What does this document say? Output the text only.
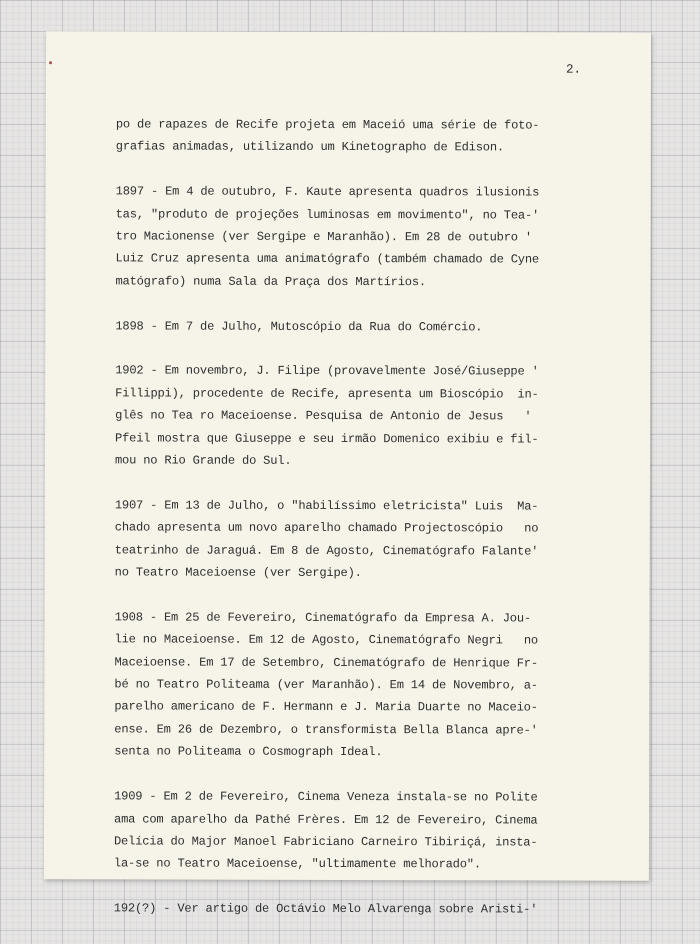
2.

po de rapazes de Recife projeta em Maceió uma série de foto-
grafias animadas, utilizando um Kinetographo de Edison.

1897 - Em 4 de outubro, F. Kaute apresenta quadros ilusionis
tas, "produto de projeções luminosas em movimento", no Tea-'
tro Macionense (ver Sergipe e Maranhão). Em 28 de outubro '
Luiz Cruz apresenta uma animatógrafo (também chamado de Cyne
matógrafo) numa Sala da Praça dos Martírios.

1898 - Em 7 de Julho, Mutoscópio da Rua do Comércio.

1902 - Em novembro, J. Filipe (provavelmente José/Giuseppe '
Fillippi), procedente de Recife, apresenta um Bioscópio  in-
glês no Tea ro Maceioense. Pesquisa de Antonio de Jesus   '
Pfeil mostra que Giuseppe e seu irmão Domenico exibiu e fil-
mou no Rio Grande do Sul.

1907 - Em 13 de Julho, o "habilíssimo eletricista" Luis  Ma-
chado apresenta um novo aparelho chamado Projectoscópio   no
teatrinho de Jaraguá. Em 8 de Agosto, Cinematógrafo Falante'
no Teatro Maceioense (ver Sergipe).

1908 - Em 25 de Fevereiro, Cinematógrafo da Empresa A. Jou-
lie no Maceioense. Em 12 de Agosto, Cinematógrafo Negri   no
Maceioense. Em 17 de Setembro, Cinematógrafo de Henrique Fr-
bé no Teatro Politeama (ver Maranhão). Em 14 de Novembro, a-
parelho americano de F. Hermann e J. Maria Duarte no Maceio-
ense. Em 26 de Dezembro, o transformista Bella Blanca apre-'
senta no Politeama o Cosmograph Ideal.

1909 - Em 2 de Fevereiro, Cinema Veneza instala-se no Polite
ama com aparelho da Pathé Frères. Em 12 de Fevereiro, Cinema
Delícia do Major Manoel Fabriciano Carneiro Tibiriçá, insta-
la-se no Teatro Maceioense, "ultimamente melhorado".

192(?) - Ver artigo de Octávio Melo Alvarenga sobre Aristi-'
